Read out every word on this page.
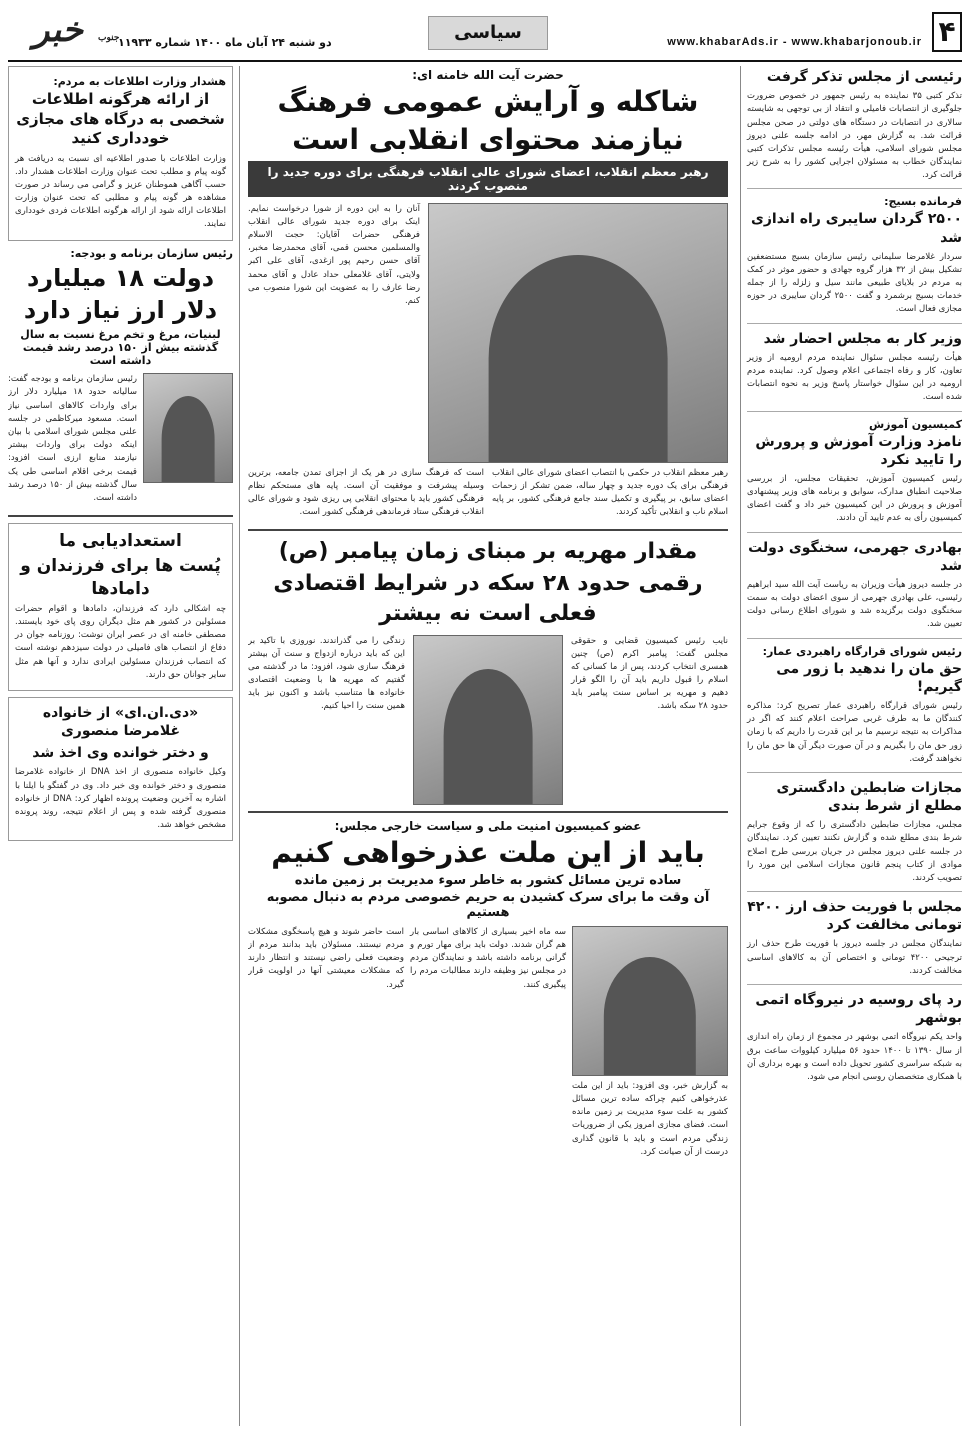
۴
www.khabarAds.ir - www.khabarjonoub.ir
سیاسی
دو شنبه ۲۴ آبان ماه ۱۴۰۰ شماره ۱۱۹۳۳
خبر جنوب
رئیسی از مجلس تذکر گرفت

تذکر کتبی ۳۵ نماینده به رئیس جمهور در خصوص ضرورت جلوگیری از انتصابات فامیلی و انتقاد از بی توجهی به شایسته سالاری در انتصابات در دستگاه های دولتی در صحن مجلس قرائت شد. به گزارش مهر، در ادامه جلسه علنی دیروز مجلس شورای اسلامی، هیأت رئیسه مجلس تذکرات کتبی نمایندگان خطاب به مسئولان اجرایی کشور را به شرح زیر قرائت کرد.

فرمانده بسیج:
۲۵۰۰ گردان سایبری راه اندازی شد

سردار غلامرضا سلیمانی رئیس سازمان بسیج مستضعفین تشکیل بیش از ۳۲ هزار گروه جهادی و حضور موثر در کمک به مردم در بلایای طبیعی مانند سیل و زلزله را از جمله خدمات بسیج برشمرد و گفت ۲۵۰۰ گردان سایبری در حوزه مجازی فعال است.

وزیر کار به مجلس احضار شد

هیأت رئیسه مجلس سئوال نماینده مردم ارومیه از وزیر تعاون، کار و رفاه اجتماعی اعلام وصول کرد. نماینده مردم ارومیه در این سئوال خواستار پاسخ وزیر به نحوه انتصابات شده است.

کمیسیون آموزش
نامزد وزارت آموزش و پرورش را تایید نکرد

رئیس کمیسیون آموزش، تحقیقات مجلس، از بررسی صلاحیت انطباق مدارک، سوابق و برنامه های وزیر پیشنهادی آموزش و پرورش در این کمیسیون خبر داد و گفت اعضای کمیسیون رأی به عدم تایید آن دادند.

بهادری جهرمی، سخنگوی دولت شد

در جلسه دیروز هیأت وزیران به ریاست آیت الله سید ابراهیم رئیسی، علی بهادری جهرمی از سوی اعضای دولت به سمت سخنگوی دولت برگزیده شد و شورای اطلاع رسانی دولت تعیین شد.

رئیس شورای قرارگاه راهبردی عمار:
حق مان را ندهید با زور می گیریم!

رئیس شورای قرارگاه راهبردی عمار تصریح کرد: مذاکره کنندگان ما به طرف غربی صراحت اعلام کنند که اگر در مذاکرات به نتیجه نرسیم ما بر این قدرت را داریم که با زمان زور حق مان را بگیریم و در آن صورت دیگر آن ها حق مان را نخواهند گرفت.

مجازات ضابطین دادگستری مطلع از شرط بندی

مجلس، مجازات ضابطین دادگستری را که از وقوع جرایم شرط بندی مطلع شده و گزارش نکنند تعیین کرد. نمایندگان در جلسه علنی دیروز مجلس در جریان بررسی طرح اصلاح موادی از کتاب پنجم قانون مجازات اسلامی این مورد را تصویب کردند.

مجلس با فوریت حذف ارز ۴۲۰۰ تومانی مخالفت کرد

نمایندگان مجلس در جلسه دیروز با فوریت طرح حذف ارز ترجیحی ۴۲۰۰ تومانی و اختصاص آن به کالاهای اساسی مخالفت کردند.

رد پای روسیه در نیروگاه اتمی بوشهر

واحد یکم نیروگاه اتمی بوشهر در مجموع از زمان راه اندازی از سال ۱۳۹۰ تا ۱۴۰۰ حدود ۵۶ میلیارد کیلووات ساعت برق به شبکه سراسری کشور تحویل داده است و بهره برداری آن با همکاری متخصصان روسی انجام می شود.

هشدار وزارت اطلاعات به مردم:
از ارائه هرگونه اطلاعات شخصی به درگاه های مجازی خودداری کنید

وزارت اطلاعات با صدور اطلاعیه ای نسبت به دریافت هر گونه پیام و مطلب تحت عنوان وزارت اطلاعات هشدار داد. حسب آگاهی هموطنان عزیز و گرامی می رساند در صورت مشاهده هر گونه پیام و مطلبی که تحت عنوان وزارت اطلاعات ارائه شود از ارائه هرگونه اطلاعات فردی خودداری نمایند.

رئیس سازمان برنامه و بودجه:
دولت ۱۸ میلیارد دلار ارز نیاز دارد
لبنیات، مرغ و تخم مرغ نسبت به سال گذشته بیش از ۱۵۰ درصد رشد قیمت داشته است

رئیس سازمان برنامه و بودجه گفت: سالیانه حدود ۱۸ میلیارد دلار ارز برای واردات کالاهای اساسی نیاز است. مسعود میرکاظمی در جلسه علنی مجلس شورای اسلامی با بیان اینکه دولت برای واردات بیشتر نیازمند منابع ارزی است افزود: قیمت برخی اقلام اساسی طی یک سال گذشته بیش از ۱۵۰ درصد رشد داشته است.

استعدادیابی ما
پُست ها برای فرزندان و دامادها

چه اشکالی دارد که فرزندان، دامادها و اقوام حضرات مسئولین در کشور هم مثل دیگران روی پای خود بایستند. مصطفی خامنه ای در عصر ایران نوشت: روزنامه جوان در دفاع از انتصاب های فامیلی در دولت سیزدهم نوشته است که انتصاب فرزندان مسئولین ایرادی ندارد و آنها هم مثل سایر جوانان حق دارند.

«دی.ان.ای» از خانواده غلامرضا منصوری
و دختر خوانده وی اخذ شد

وکیل خانواده منصوری از اخذ DNA از خانواده غلامرضا منصوری و دختر خوانده وی خبر داد. وی در گفتگو با ایلنا با اشاره به آخرین وضعیت پرونده اظهار کرد: DNA از خانواده منصوری گرفته شده و پس از اعلام نتیجه، روند پرونده مشخص خواهد شد.

حضرت آیت الله خامنه ای:
شاکله و آرایش عمومی فرهنگ
نیازمند محتوای انقلابی است
رهبر معظم انقلاب، اعضای شورای عالی انقلاب فرهنگی برای دوره جدید را منصوب کردند

آنان را به این دوره از شورا درخواست نمایم. اینک برای دوره جدید شورای عالی انقلاب فرهنگی حضرات آقایان: حجت الاسلام والمسلمین محسن قمی، آقای محمدرضا مخبر، آقای حسن رحیم پور ازغدی، آقای علی اکبر ولایتی، آقای غلامعلی حداد عادل و آقای محمد رضا عارف را به عضویت این شورا منصوب می کنم.

رهبر معظم انقلاب در حکمی با انتصاب اعضای شورای عالی انقلاب فرهنگی برای یک دوره جدید و چهار ساله، ضمن تشکر از زحمات اعضای سابق، بر پیگیری و تکمیل سند جامع فرهنگی کشور، بر پایه اسلام ناب و انقلابی تأکید کردند.

است که فرهنگ سازی در هر یک از اجزای تمدن جامعه، برترین وسیله پیشرفت و موفقیت آن است. پایه های مستحکم نظام فرهنگی کشور باید با محتوای انقلابی پی ریزی شود و شورای عالی انقلاب فرهنگی ستاد فرماندهی فرهنگی کشور است.

مقدار مهریه بر مبنای زمان پیامبر (ص)
رقمی حدود ۲۸ سکه در شرایط اقتصادی فعلی است نه بیشتر

نایب رئیس کمیسیون قضایی و حقوقی مجلس گفت: پیامبر اکرم (ص) چنین همسری انتخاب کردند، پس از ما کسانی که اسلام را قبول داریم باید آن را الگو قرار دهیم و مهریه بر اساس سنت پیامبر باید حدود ۲۸ سکه باشد.

زندگی را می گذراندند. نوروزی با تاکید بر این که باید درباره ازدواج و سنت آن بیشتر فرهنگ سازی شود، افزود: ما در گذشته می گفتیم که مهریه ها با وضعیت اقتصادی خانواده ها متناسب باشد و اکنون نیز باید همین سنت را احیا کنیم.

عضو کمیسیون امنیت ملی و سیاست خارجی مجلس:
باید از این ملت عذرخواهی کنیم
ساده ترین مسائل کشور به خاطر سوء مدیریت بر زمین مانده
آن وقت ما برای سرک کشیدن به حریم خصوصی مردم به دنبال مصوبه هستیم

به گزارش خبر، وی افزود: باید از این ملت عذرخواهی کنیم چراکه ساده ترین مسائل کشور به علت سوء مدیریت بر زمین مانده است. فضای مجازی امروز یکی از ضروریات زندگی مردم است و باید با قانون گذاری درست از آن صیانت کرد.

سه ماه اخیر بسیاری از کالاهای اساسی بار هم گران شدند. دولت باید برای مهار تورم و گرانی برنامه داشته باشد و نمایندگان مردم در مجلس نیز وظیفه دارند مطالبات مردم را پیگیری کنند.

است حاضر شوند و هیچ پاسخگوی مشکلات مردم نیستند. مسئولان باید بدانند مردم از وضعیت فعلی راضی نیستند و انتظار دارند که مشکلات معیشتی آنها در اولویت قرار گیرد.
